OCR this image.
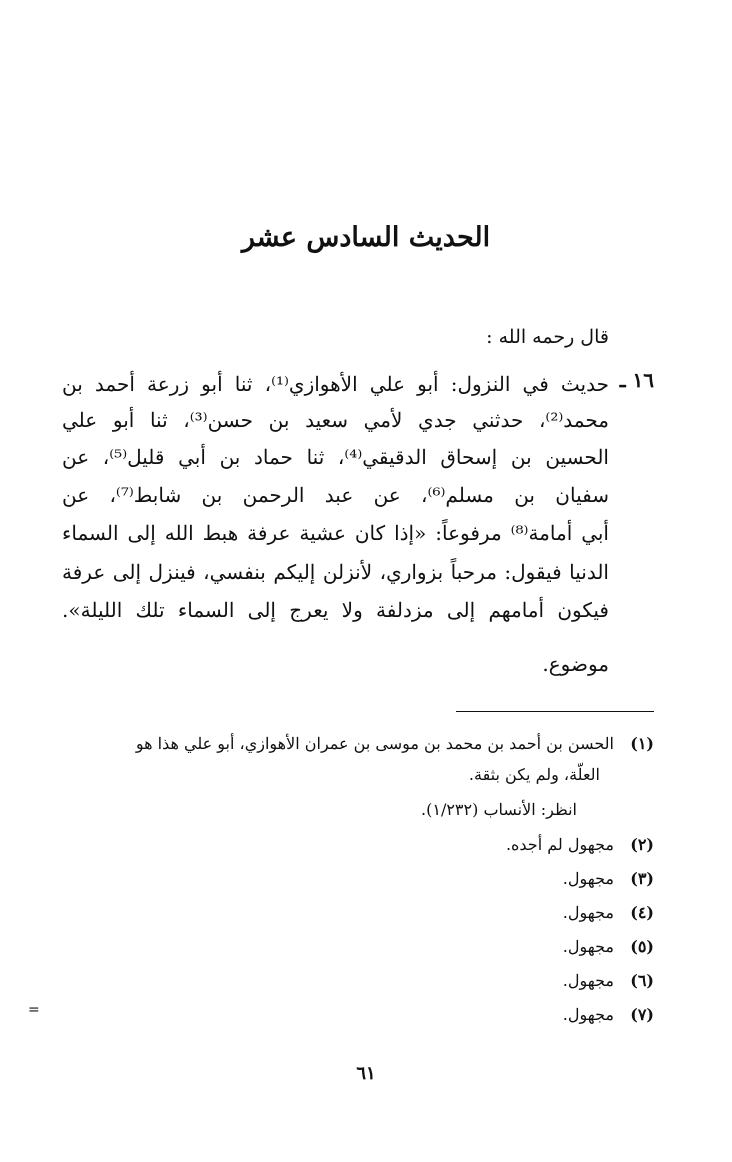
الحديث السادس عشر
قال رحمه الله :
١٦ ـ
حديث في النزول: أبو علي الأهوازي⁽¹⁾، ثنا أبو زرعة أحمد بن
محمد⁽²⁾، حدثني جدي لأمي سعيد بن حسن⁽³⁾، ثنا أبو علي
الحسين بن إسحاق الدقيقي⁽⁴⁾، ثنا حماد بن أبي قليل⁽⁵⁾، عن
سفيان بن مسلم⁽⁶⁾، عن عبد الرحمن بن شابط⁽⁷⁾، عن
أبي أمامة⁽⁸⁾ مرفوعاً: «إذا كان عشية عرفة هبط الله إلى السماء
الدنيا فيقول: مرحباً بزواري، لأنزلن إليكم بنفسي، فينزل إلى عرفة
فيكون أمامهم إلى مزدلفة ولا يعرج إلى السماء تلك الليلة».
موضوع.
(١)الحسن بن أحمد بن محمد بن موسى بن عمران الأهوازي، أبو علي هذا هو
العلّة، ولم يكن بثقة.
انظر: الأنساب (١/٢٣٢).
(٢)مجهول لم أجده.
(٣)مجهول.
(٤)مجهول.
(٥)مجهول.
(٦)مجهول.
(٧)مجهول.
=
٦١
